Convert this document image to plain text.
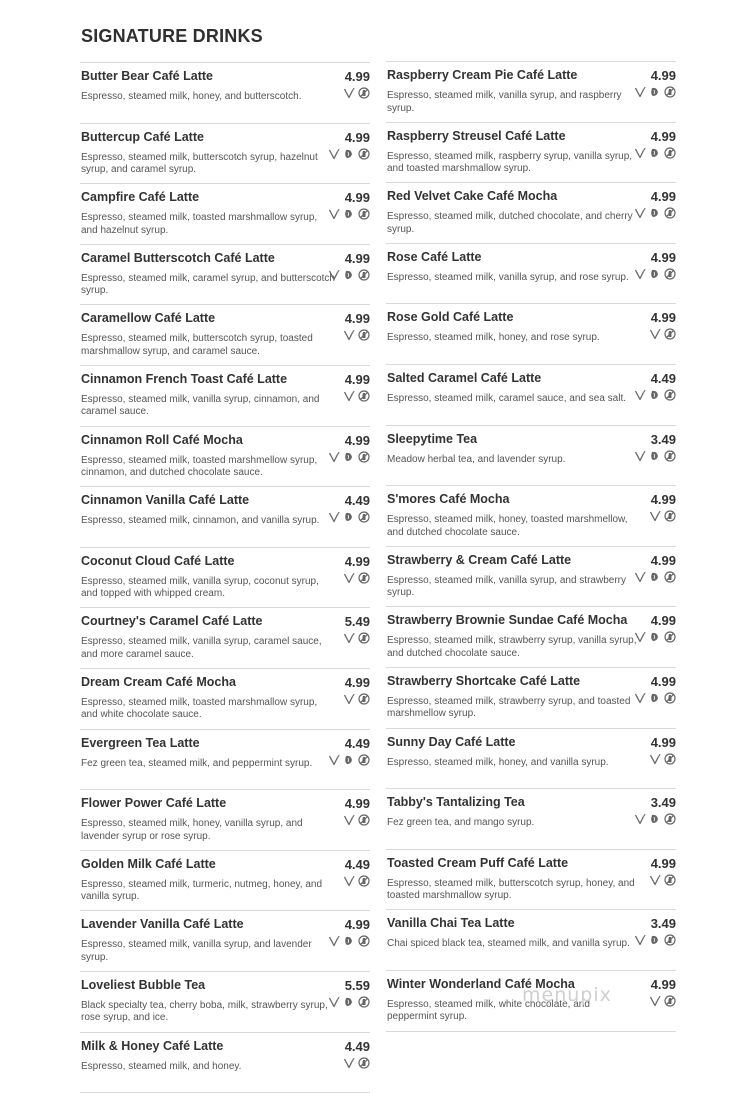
SIGNATURE DRINKS
Butter Bear Café Latte	4.99
Espresso, steamed milk, honey, and butterscotch.
Buttercup Café Latte	4.99
Espresso, steamed milk, butterscotch syrup, hazelnut syrup, and caramel syrup.
Campfire Café Latte	4.99
Espresso, steamed milk, toasted marshmallow syrup, and hazelnut syrup.
Caramel Butterscotch Café Latte	4.99
Espresso, steamed milk, caramel syrup, and butterscotch syrup.
Caramellow Café Latte	4.99
Espresso, steamed milk, butterscotch syrup, toasted marshmallow syrup, and caramel sauce.
Cinnamon French Toast Café Latte	4.99
Espresso, steamed milk, vanilla syrup, cinnamon, and caramel sauce.
Cinnamon Roll Café Mocha	4.99
Espresso, steamed milk, toasted marshmellow syrup, cinnamon, and dutched chocolate sauce.
Cinnamon Vanilla Café Latte	4.49
Espresso, steamed milk, cinnamon, and vanilla syrup.
Coconut Cloud Café Latte	4.99
Espresso, steamed milk, vanilla syrup, coconut syrup, and topped with whipped cream.
Courtney's Caramel Café Latte	5.49
Espresso, steamed milk, vanilla syrup, caramel sauce, and more caramel sauce.
Dream Cream Café Mocha	4.99
Espresso, steamed milk, toasted marshmallow syrup, and white chocolate sauce.
Evergreen Tea Latte	4.49
Fez green tea, steamed milk, and peppermint syrup.
Flower Power Café Latte	4.99
Espresso, steamed milk, honey, vanilla syrup, and lavender syrup or rose syrup.
Golden Milk Café Latte	4.49
Espresso, steamed milk, turmeric, nutmeg, honey, and vanilla syrup.
Lavender Vanilla Café Latte	4.99
Espresso, steamed milk, vanilla syrup, and lavender syrup.
Loveliest Bubble Tea	5.59
Black specialty tea, cherry boba, milk, strawberry syrup, rose syrup, and ice.
Milk & Honey Café Latte	4.49
Espresso, steamed milk, and honey.
Raspberry Cream Pie Café Latte	4.99
Espresso, steamed milk, vanilla syrup, and raspberry syrup.
Raspberry Streusel Café Latte	4.99
Espresso, steamed milk, raspberry syrup, vanilla syrup, and toasted marshmallow syrup.
Red Velvet Cake Café Mocha	4.99
Espresso, steamed milk, dutched chocolate, and cherry syrup.
Rose Café Latte	4.99
Espresso, steamed milk, vanilla syrup, and rose syrup.
Rose Gold Café Latte	4.99
Espresso, steamed milk, honey, and rose syrup.
Salted Caramel Café Latte	4.49
Espresso, steamed milk, caramel sauce, and sea salt.
Sleepytime Tea	3.49
Meadow herbal tea, and lavender syrup.
S'mores Café Mocha	4.99
Espresso, steamed milk, honey, toasted marshmellow, and dutched chocolate sauce.
Strawberry & Cream Café Latte	4.99
Espresso, steamed milk, vanilla syrup, and strawberry syrup.
Strawberry Brownie Sundae Café Mocha 4.99
Espresso, steamed milk, strawberry syrup, vanilla syrup, and dutched chocolate sauce.
Strawberry Shortcake Café Latte	4.99
Espresso, steamed milk, strawberry syrup, and toasted marshmellow syrup.
Sunny Day Café Latte	4.99
Espresso, steamed milk, honey, and vanilla syrup.
Tabby's Tantalizing Tea	3.49
Fez green tea, and mango syrup.
Toasted Cream Puff Café Latte	4.99
Espresso, steamed milk, butterscotch syrup, honey, and toasted marshmallow syrup.
Vanilla Chai Tea Latte	3.49
Chai spiced black tea, steamed milk, and vanilla syrup.
Winter Wonderland Café Mocha	4.99
Espresso, steamed milk, white chocolate, and peppermint syrup.
menupix
